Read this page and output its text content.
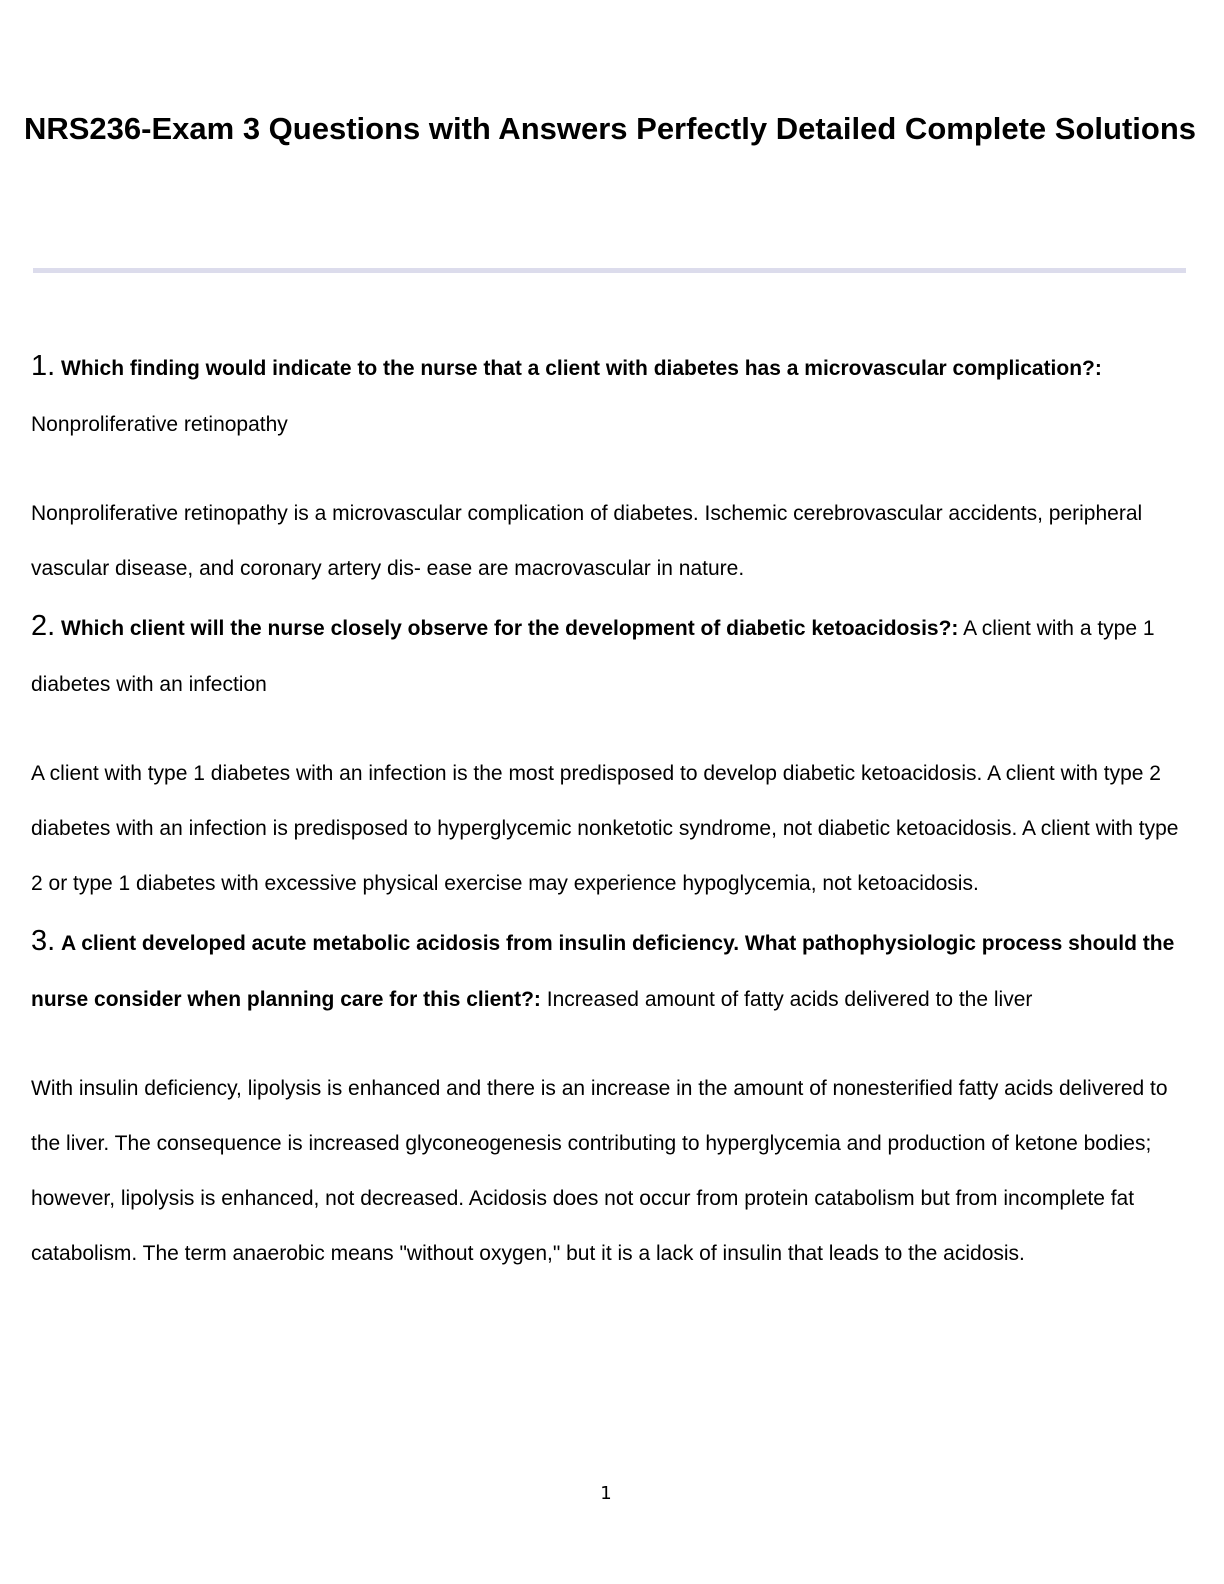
NRS236-Exam 3 Questions with Answers Perfectly Detailed Complete Solutions

1. Which finding would indicate to the nurse that a client with diabetes has a microvascular complication?: Nonproliferative retinopathy

Nonproliferative retinopathy is a microvascular complication of diabetes. Ischemic cerebrovascular accidents, peripheral vascular disease, and coronary artery dis- ease are macrovascular in nature.

2. Which client will the nurse closely observe for the development of diabetic ketoacidosis?: A client with a type 1 diabetes with an infection

A client with type 1 diabetes with an infection is the most predisposed to develop diabetic ketoacidosis. A client with type 2 diabetes with an infection is predisposed to hyperglycemic nonketotic syndrome, not diabetic ketoacidosis. A client with type 2 or type 1 diabetes with excessive physical exercise may experience hypoglycemia, not ketoacidosis.

3. A client developed acute metabolic acidosis from insulin deficiency. What pathophysiologic process should the nurse consider when planning care for this client?: Increased amount of fatty acids delivered to the liver

With insulin deficiency, lipolysis is enhanced and there is an increase in the amount of nonesterified fatty acids delivered to the liver. The consequence is increased glyconeogenesis contributing to hyperglycemia and production of ketone bodies; however, lipolysis is enhanced, not decreased. Acidosis does not occur from protein catabolism but from incomplete fat catabolism. The term anaerobic means "without oxygen," but it is a lack of insulin that leads to the acidosis.

1
